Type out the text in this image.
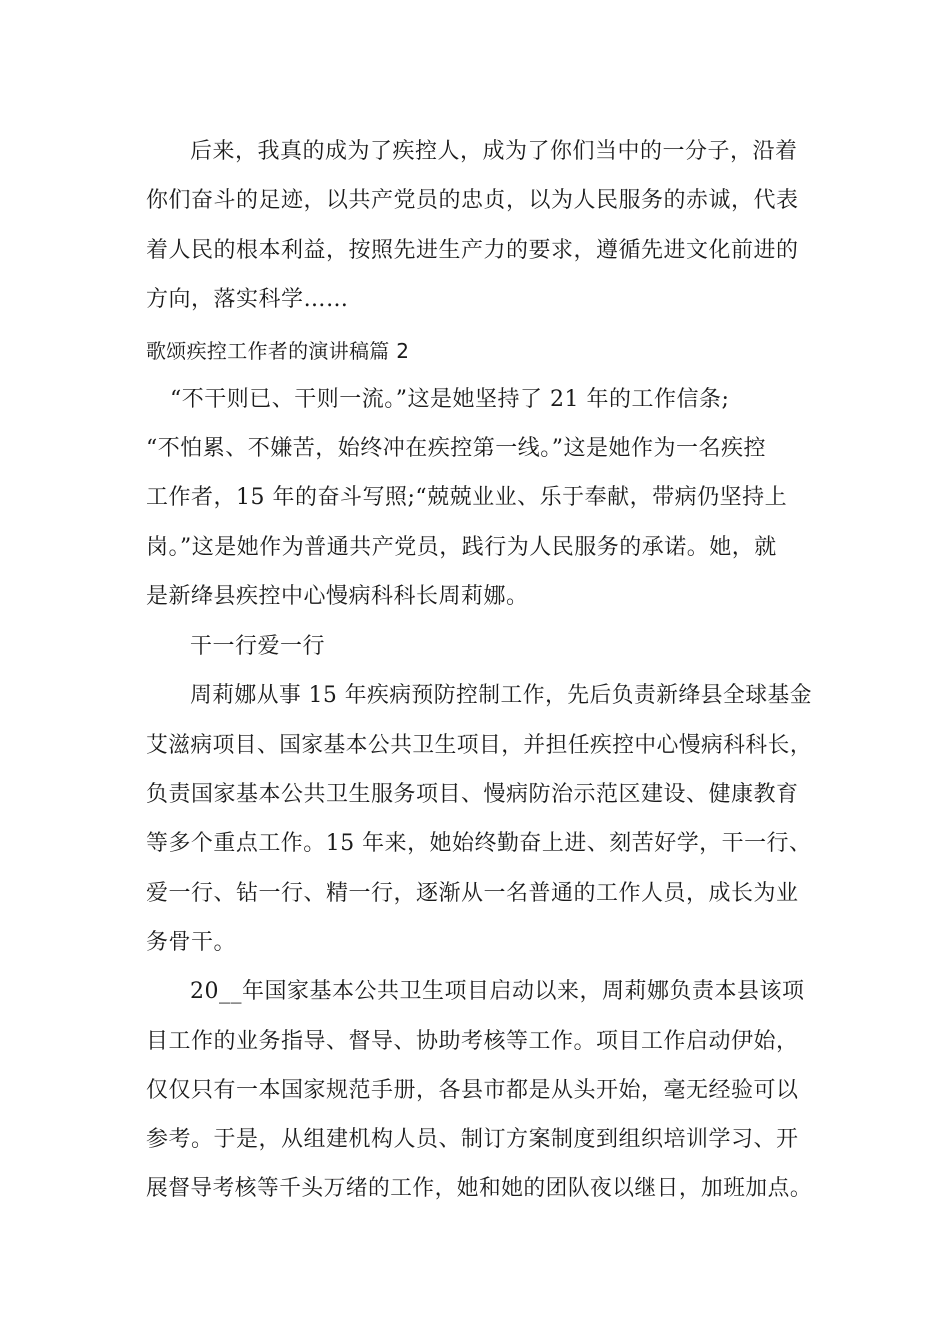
后来，我真的成为了疾控人，成为了你们当中的一分子，沿着
你们奋斗的足迹，以共产党员的忠贞，以为人民服务的赤诚，代表
着人民的根本利益，按照先进生产力的要求，遵循先进文化前进的
方向，落实科学……
歌颂疾控工作者的演讲稿篇 2
“不干则已、干则一流。”这是她坚持了 21 年的工作信条;
“不怕累、不嫌苦，始终冲在疾控第一线。”这是她作为一名疾控
工作者，15 年的奋斗写照;“兢兢业业、乐于奉献，带病仍坚持上
岗。”这是她作为普通共产党员，践行为人民服务的承诺。她，就
是新绛县疾控中心慢病科科长周莉娜。
干一行爱一行
周莉娜从事 15 年疾病预防控制工作，先后负责新绛县全球基金
艾滋病项目、国家基本公共卫生项目，并担任疾控中心慢病科科长，
负责国家基本公共卫生服务项目、慢病防治示范区建设、健康教育
等多个重点工作。15 年来，她始终勤奋上进、刻苦好学，干一行、
爱一行、钻一行、精一行，逐渐从一名普通的工作人员，成长为业
务骨干。
20__年国家基本公共卫生项目启动以来，周莉娜负责本县该项
目工作的业务指导、督导、协助考核等工作。项目工作启动伊始，
仅仅只有一本国家规范手册，各县市都是从头开始，毫无经验可以
参考。于是，从组建机构人员、制订方案制度到组织培训学习、开
展督导考核等千头万绪的工作，她和她的团队夜以继日，加班加点。
